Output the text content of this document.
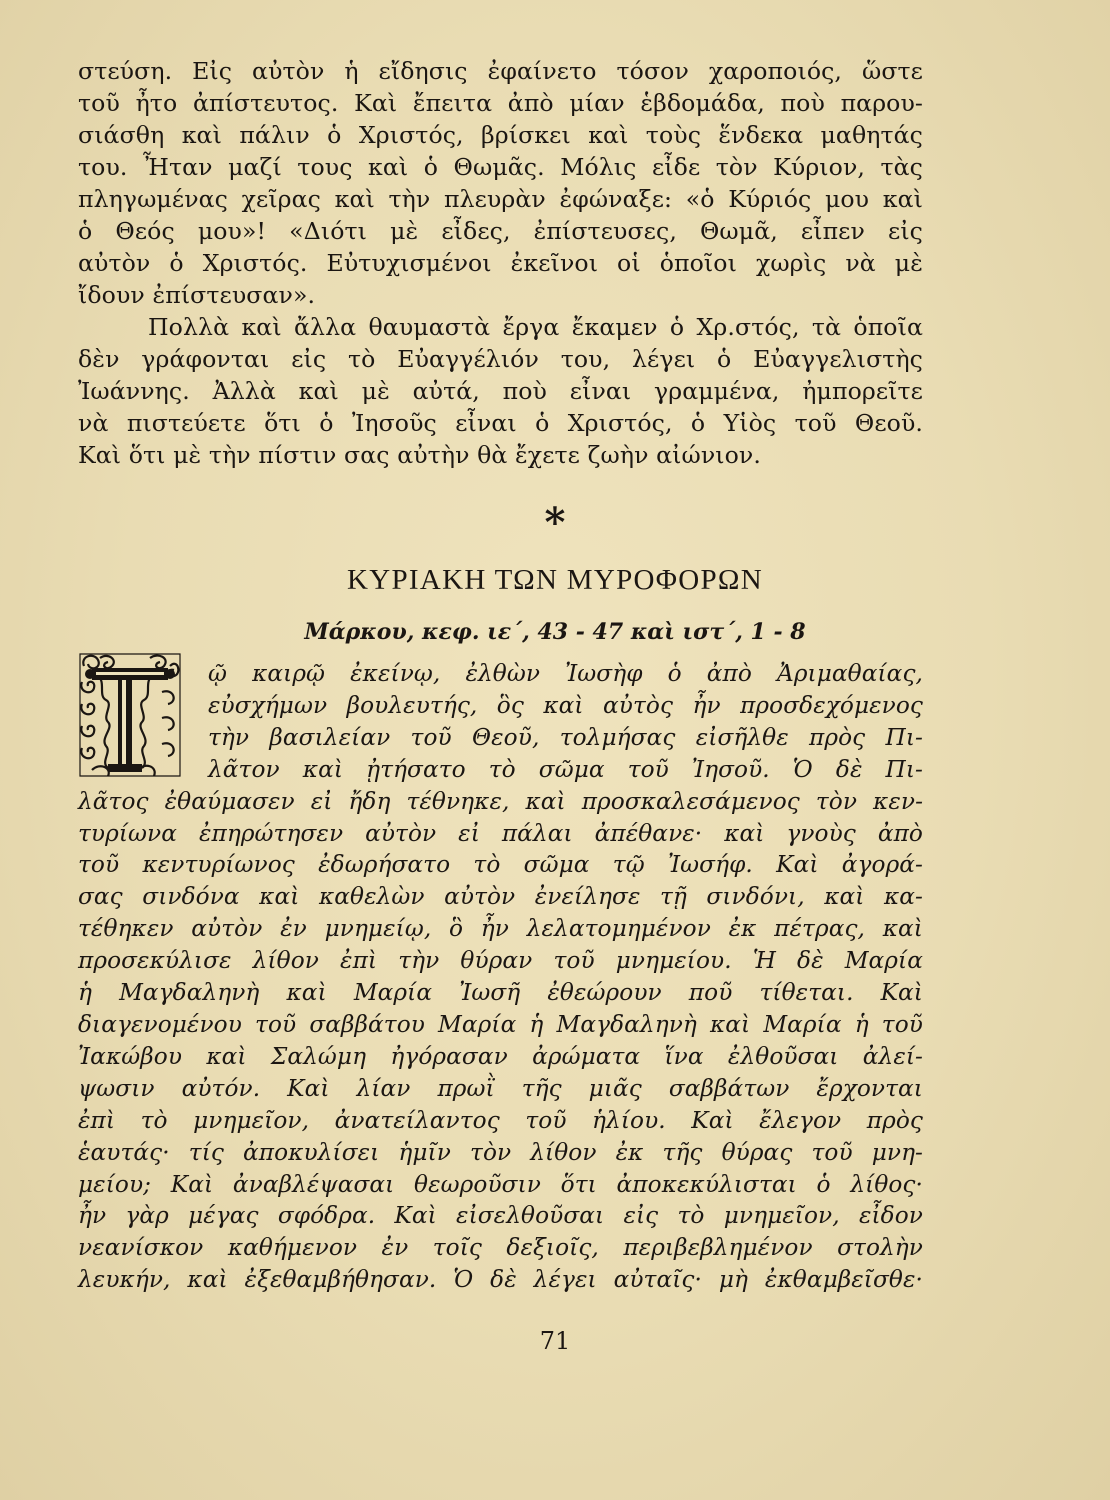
στεύση. Εἰς αὐτὸν ἡ εἴδησις ἐφαίνετο τόσον χαροποιός, ὥστε
τοῦ ἦτο ἀπίστευτος. Καὶ ἔπειτα ἀπὸ μίαν ἑβδομάδα, ποὺ παρου-
σιάσθη καὶ πάλιν ὁ Χριστός, βρίσκει καὶ τοὺς ἕνδεκα μαθητάς
του. Ἦταν μαζί τους καὶ ὁ Θωμᾶς. Μόλις εἶδε τὸν Κύριον, τὰς
πληγωμένας χεῖρας καὶ τὴν πλευρὰν ἐφώναξε: «ὁ Κύριός μου καὶ
ὁ Θεός μου»! «Διότι μὲ εἶδες, ἐπίστευσες, Θωμᾶ, εἶπεν εἰς
αὐτὸν ὁ Χριστός. Εὐτυχισμένοι ἐκεῖνοι οἱ ὁποῖοι χωρὶς νὰ μὲ
ἴδουν ἐπίστευσαν».

Πολλὰ καὶ ἄλλα θαυμαστὰ ἔργα ἔκαμεν ὁ Χρ.στός, τὰ ὁποῖα
δὲν γράφονται εἰς τὸ Εὐαγγέλιόν του, λέγει ὁ Εὐαγγελιστὴς
Ἰωάννης. Ἀλλὰ καὶ μὲ αὐτά, ποὺ εἶναι γραμμένα, ἠμπορεῖτε
νὰ πιστεύετε ὅτι ὁ Ἰησοῦς εἶναι ὁ Χριστός, ὁ Υἱὸς τοῦ Θεοῦ.
Καὶ ὅτι μὲ τὴν πίστιν σας αὐτὴν θὰ ἔχετε ζωὴν αἰώνιον.

*
ΚΥΡΙΑΚΗ ΤΩΝ ΜΥΡΟΦΟΡΩΝ
Μάρκου, κεφ. ιε΄, 43 - 47 καὶ ιστ΄, 1 - 8
ῷ καιρῷ ἐκείνῳ, ἐλθὼν Ἰωσὴφ ὁ ἀπὸ Ἀριμαθαίας,
εὐσχήμων βουλευτής, ὃς καὶ αὐτὸς ἦν προσδεχόμενος
τὴν βασιλείαν τοῦ Θεοῦ, τολμήσας εἰσῆλθε πρὸς Πι-
λᾶτον καὶ ᾐτήσατο τὸ σῶμα τοῦ Ἰησοῦ. Ὁ δὲ Πι-
λᾶτος ἐθαύμασεν εἰ ἤδη τέθνηκε, καὶ προσκαλεσάμενος τὸν κεν-
τυρίωνα ἐπηρώτησεν αὐτὸν εἰ πάλαι ἀπέθανε· καὶ γνοὺς ἀπὸ
τοῦ κεντυρίωνος ἐδωρήσατο τὸ σῶμα τῷ Ἰωσήφ. Καὶ ἀγορά-
σας σινδόνα καὶ καθελὼν αὐτὸν ἐνείλησε τῇ σινδόνι, καὶ κα-
τέθηκεν αὐτὸν ἐν μνημείῳ, ὃ ἦν λελατομημένον ἐκ πέτρας, καὶ
προσεκύλισε λίθον ἐπὶ τὴν θύραν τοῦ μνημείου. Ἡ δὲ Μαρία
ἡ Μαγδαληνὴ καὶ Μαρία Ἰωσῆ ἐθεώρουν ποῦ τίθεται. Καὶ
διαγενομένου τοῦ σαββάτου Μαρία ἡ Μαγδαληνὴ καὶ Μαρία ἡ τοῦ
Ἰακώβου καὶ Σαλώμη ἠγόρασαν ἀρώματα ἵνα ἐλθοῦσαι ἀλεί-
ψωσιν αὐτόν. Καὶ λίαν πρωῒ τῆς μιᾶς σαββάτων ἔρχονται
ἐπὶ τὸ μνημεῖον, ἀνατείλαντος τοῦ ἡλίου. Καὶ ἔλεγον πρὸς
ἑαυτάς· τίς ἀποκυλίσει ἡμῖν τὸν λίθον ἐκ τῆς θύρας τοῦ μνη-
μείου; Καὶ ἀναβλέψασαι θεωροῦσιν ὅτι ἀποκεκύλισται ὁ λίθος·
ἦν γὰρ μέγας σφόδρα. Καὶ εἰσελθοῦσαι εἰς τὸ μνημεῖον, εἶδον
νεανίσκον καθήμενον ἐν τοῖς δεξιοῖς, περιβεβλημένον στολὴν
λευκήν, καὶ ἐξεθαμβήθησαν. Ὁ δὲ λέγει αὐταῖς· μὴ ἐκθαμβεῖσθε·
71
